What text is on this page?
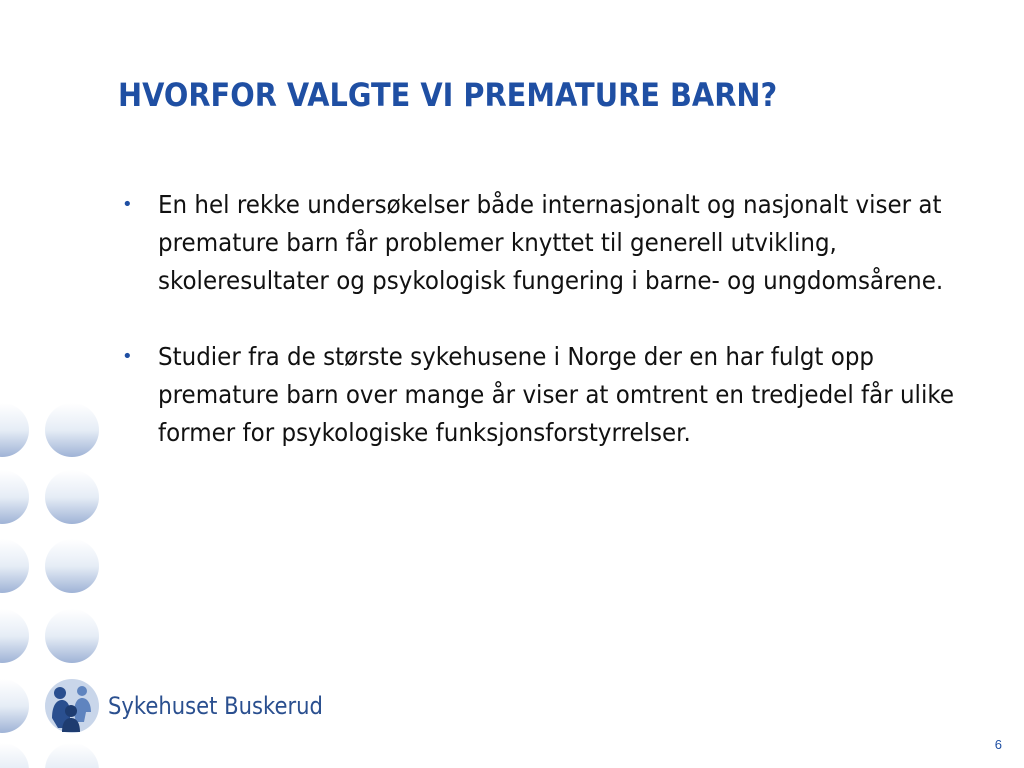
HVORFOR VALGTE VI PREMATURE BARN?
• En hel rekke undersøkelser både internasjonalt og nasjonalt viser at premature barn får problemer knyttet til generell utvikling, skoleresultater og psykologisk fungering i barne- og ungdomsårene.
• Studier fra de største sykehusene i Norge der en har fulgt opp premature barn over mange år viser at omtrent en tredjedel får ulike former for psykologiske funksjonsforstyrrelser.
Sykehuset Buskerud
6
